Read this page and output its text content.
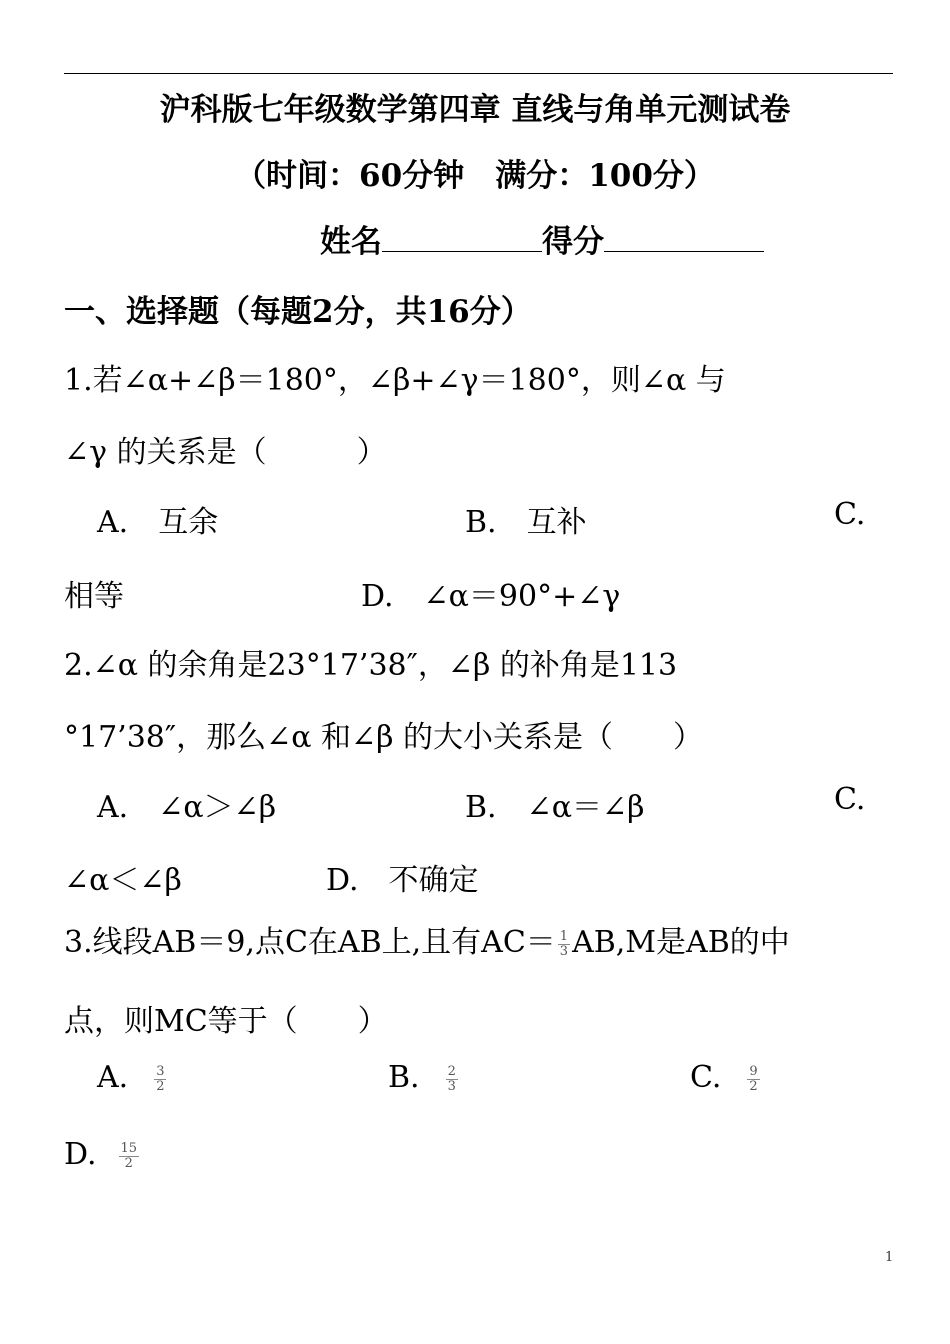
沪科版七年级数学第四章 直线与角单元测试卷
（时间：60分钟　满分：100分）
姓名	得分
一、选择题（每题2分，共16分）
1.若∠α+∠β＝180°，∠β+∠γ＝180°，则∠α 与
∠γ 的关系是（　　　）
A.　互余	B.　互补	C.
相等	D.　∠α＝90°+∠γ
2.∠α 的余角是23°17’38″，∠β 的补角是113
°17’38″，那么∠α 和∠β 的大小关系是（　　）
A.　∠α＞∠β	B.　∠α＝∠β	C.
∠α＜∠β	D.　不确定
3.线段AB＝9,点C在AB上,且有$AC= \frac{1}{3} AB,M$是AB的中
点，则MC等于（　　）
A. $\frac{3}{2}$	B. $\frac{2}{3}$	C. $\frac{9}{2}$
D. $\frac{15}{2}$
1
